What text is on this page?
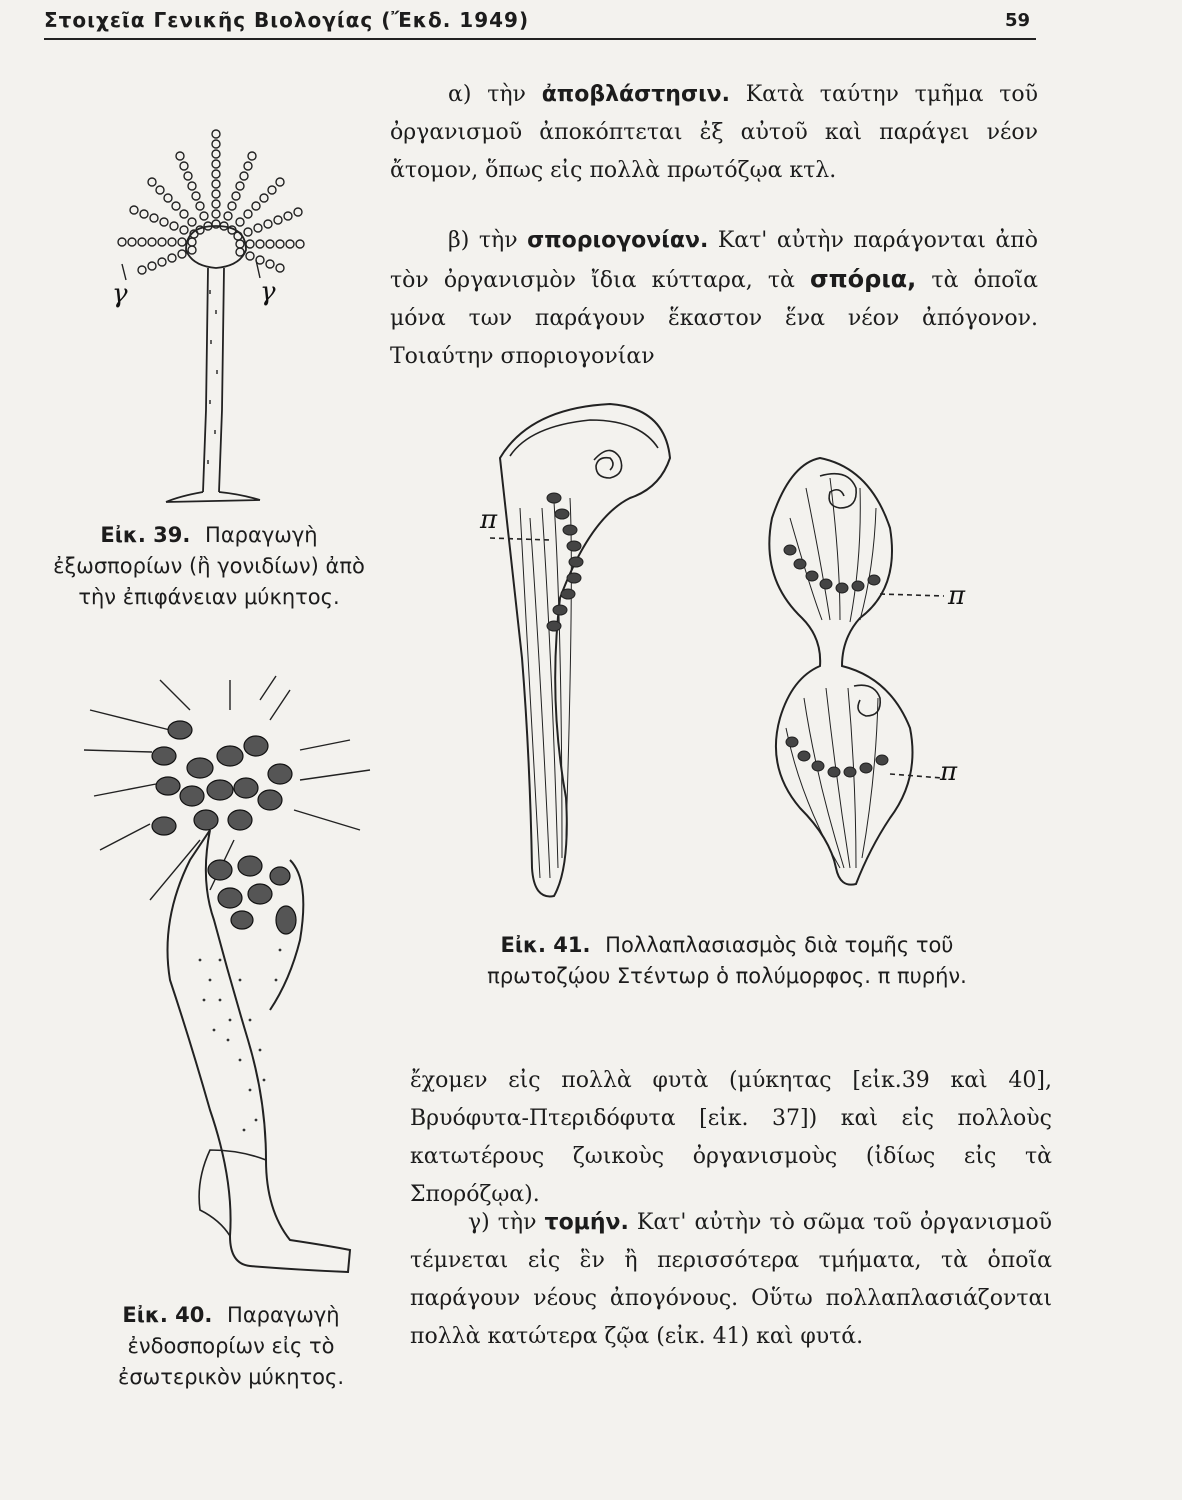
Στοιχεῖα Γενικῆς Βιολογίας (Ἔκδ. 1949)	59
α) τὴν ἀποβλάστησιν. Κατὰ ταύτην τμῆμα τοῦ ὀργανισμοῦ ἀποκόπτεται ἐξ αὐτοῦ καὶ παράγει νέον ἄτομον, ὅπως εἰς πολλὰ πρωτόζῳα κτλ.
β) τὴν σποριογονίαν. Κατ' αὐτὴν παράγονται ἀπὸ τὸν ὀργανισμὸν ἴδια κύτταρα, τὰ σπόρια, τὰ ὁποῖα μόνα των παράγουν ἕκαστον ἕνα νέον ἀπόγονον. Τοιαύτην σποριογονίαν
γ	γ
Εἰκ. 39. Παραγωγὴ ἐξωσπορίων (ἢ γονιδίων) ἀπὸ τὴν ἐπιφάνειαν μύκητος.
π
π
π
Εἰκ. 41. Πολλαπλασιασμὸς διὰ τομῆς τοῦ πρωτοζῴου Στέντωρ ὁ πολύμορφος. π πυρήν.
Εἰκ. 40. Παραγωγὴ ἐνδοσπορίων εἰς τὸ ἐσωτερικὸν μύκητος.
ἔχομεν εἰς πολλὰ φυτὰ (μύκητας [εἰκ.39 καὶ 40], Βρυόφυτα-Πτεριδόφυτα [εἰκ. 37]) καὶ εἰς πολλοὺς κατωτέρους ζωικοὺς ὀργανισμοὺς (ἰδίως εἰς τὰ Σπορόζῳα).
γ) τὴν τομήν. Κατ' αὐτὴν τὸ σῶμα τοῦ ὀργανισμοῦ τέμνεται εἰς ἓν ἢ περισσότερα τμήματα, τὰ ὁποῖα παράγουν νέους ἀπογόνους. Οὕτω πολλαπλασιάζονται πολλὰ κατώτερα ζῷα (εἰκ. 41) καὶ φυτά.
